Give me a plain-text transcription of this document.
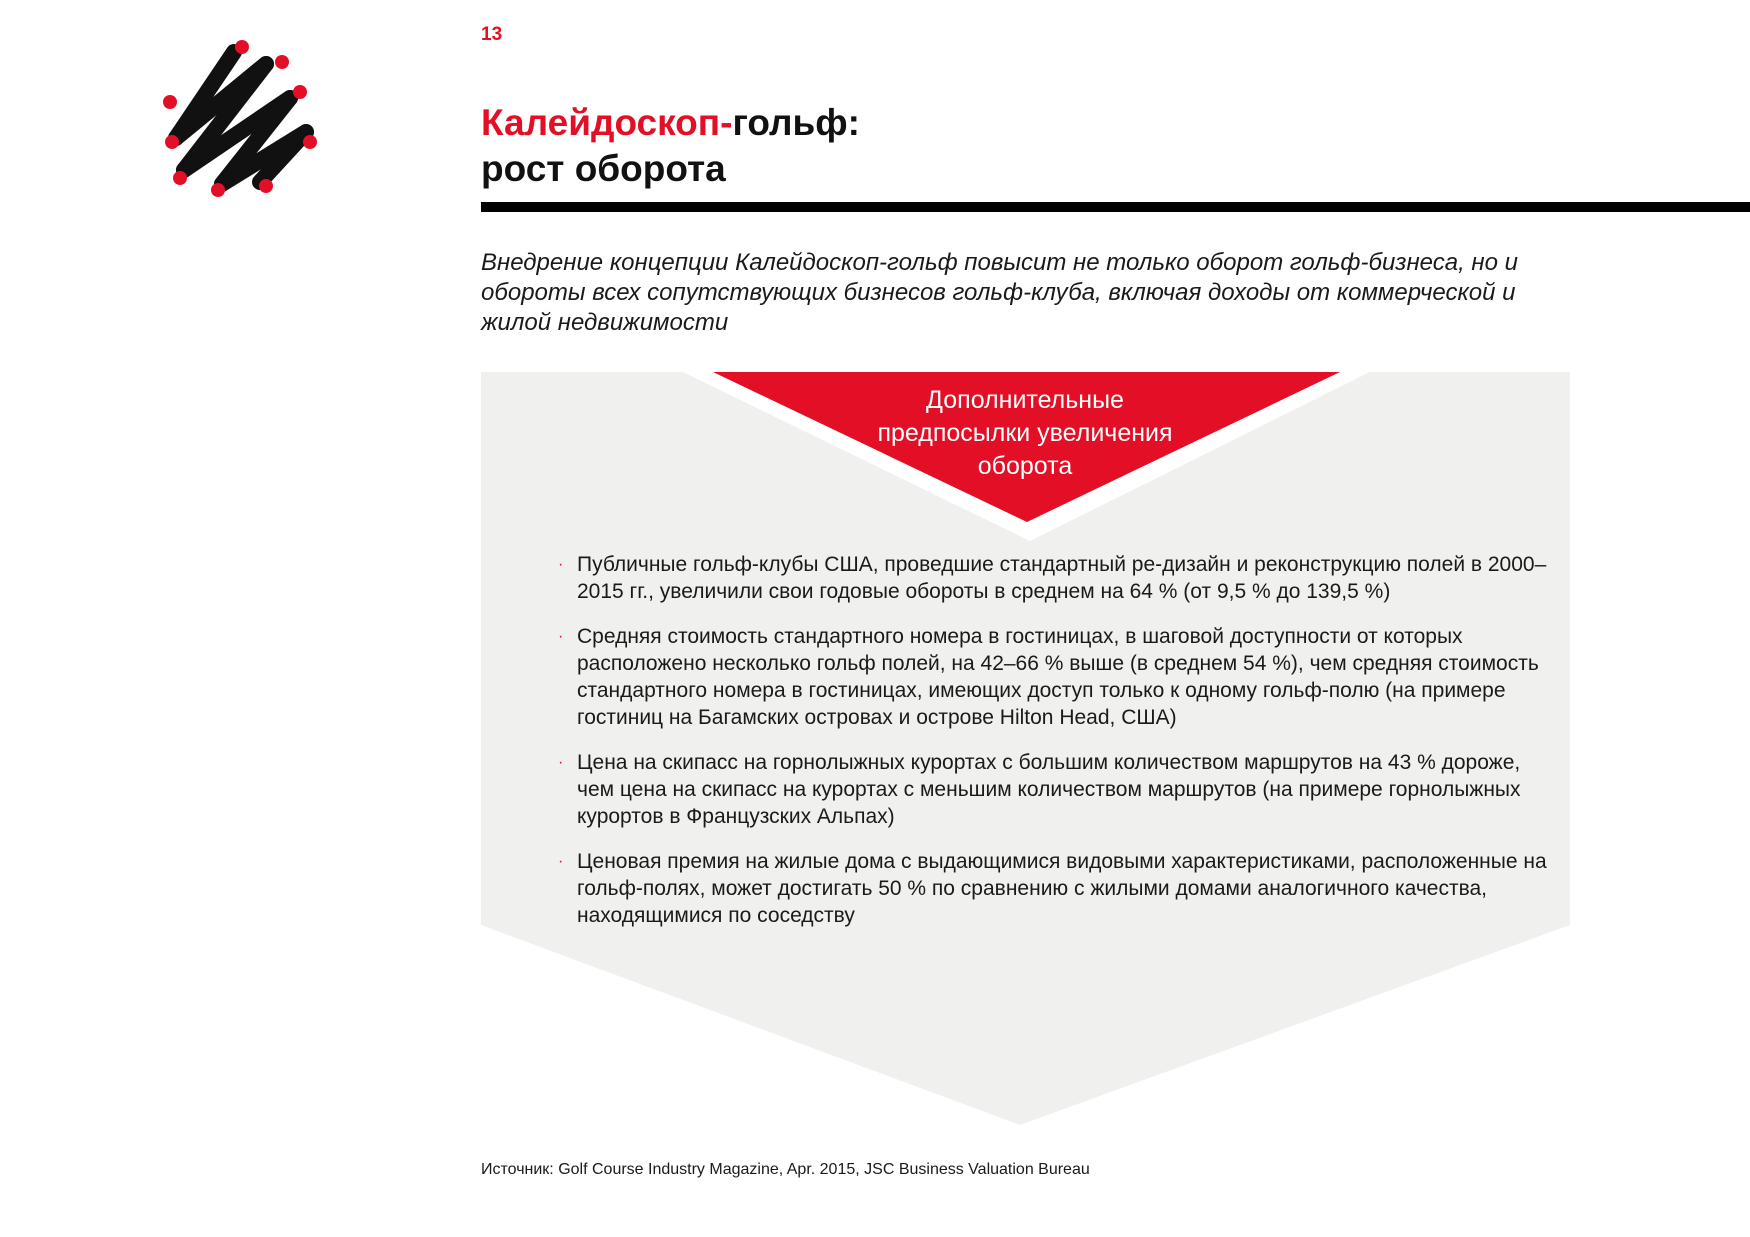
13
Калейдоскоп-гольф:
рост оборота

Внедрение концепции Калейдоскоп-гольф повысит не только оборот гольф-бизнеса, но и обороты всех сопутствующих бизнесов гольф-клуба, включая доходы от коммерческой и жилой недвижимости

Дополнительные
предпосылки увеличения
оборота
· Публичные гольф-клубы США, проведшие стандартный ре-дизайн и реконструкцию полей в 2000–2015 гг., увеличили свои годовые обороты в среднем на 64 % (от 9,5 % до 139,5 %)
· Средняя стоимость стандартного номера в гостиницах, в шаговой доступности от которых расположено несколько гольф полей, на 42–66 % выше (в среднем 54 %), чем средняя стоимость стандартного номера в гостиницах, имеющих доступ только к одному гольф-полю (на примере гостиниц на Багамских островах и острове Hilton Head, США)
· Цена на скипасс на горнолыжных курортах с большим количеством маршрутов на 43 % дороже, чем цена на скипасс на курортах с меньшим количеством маршрутов (на примере горнолыжных курортов в Французских Альпах)
· Ценовая премия на жилые дома с выдающимися видовыми характеристиками, расположенные на гольф-полях, может достигать 50 % по сравнению с жилыми домами аналогичного качества, находящимися по соседству
Источник: Golf Course Industry Magazine, Apr. 2015, JSC Business Valuation Bureau
